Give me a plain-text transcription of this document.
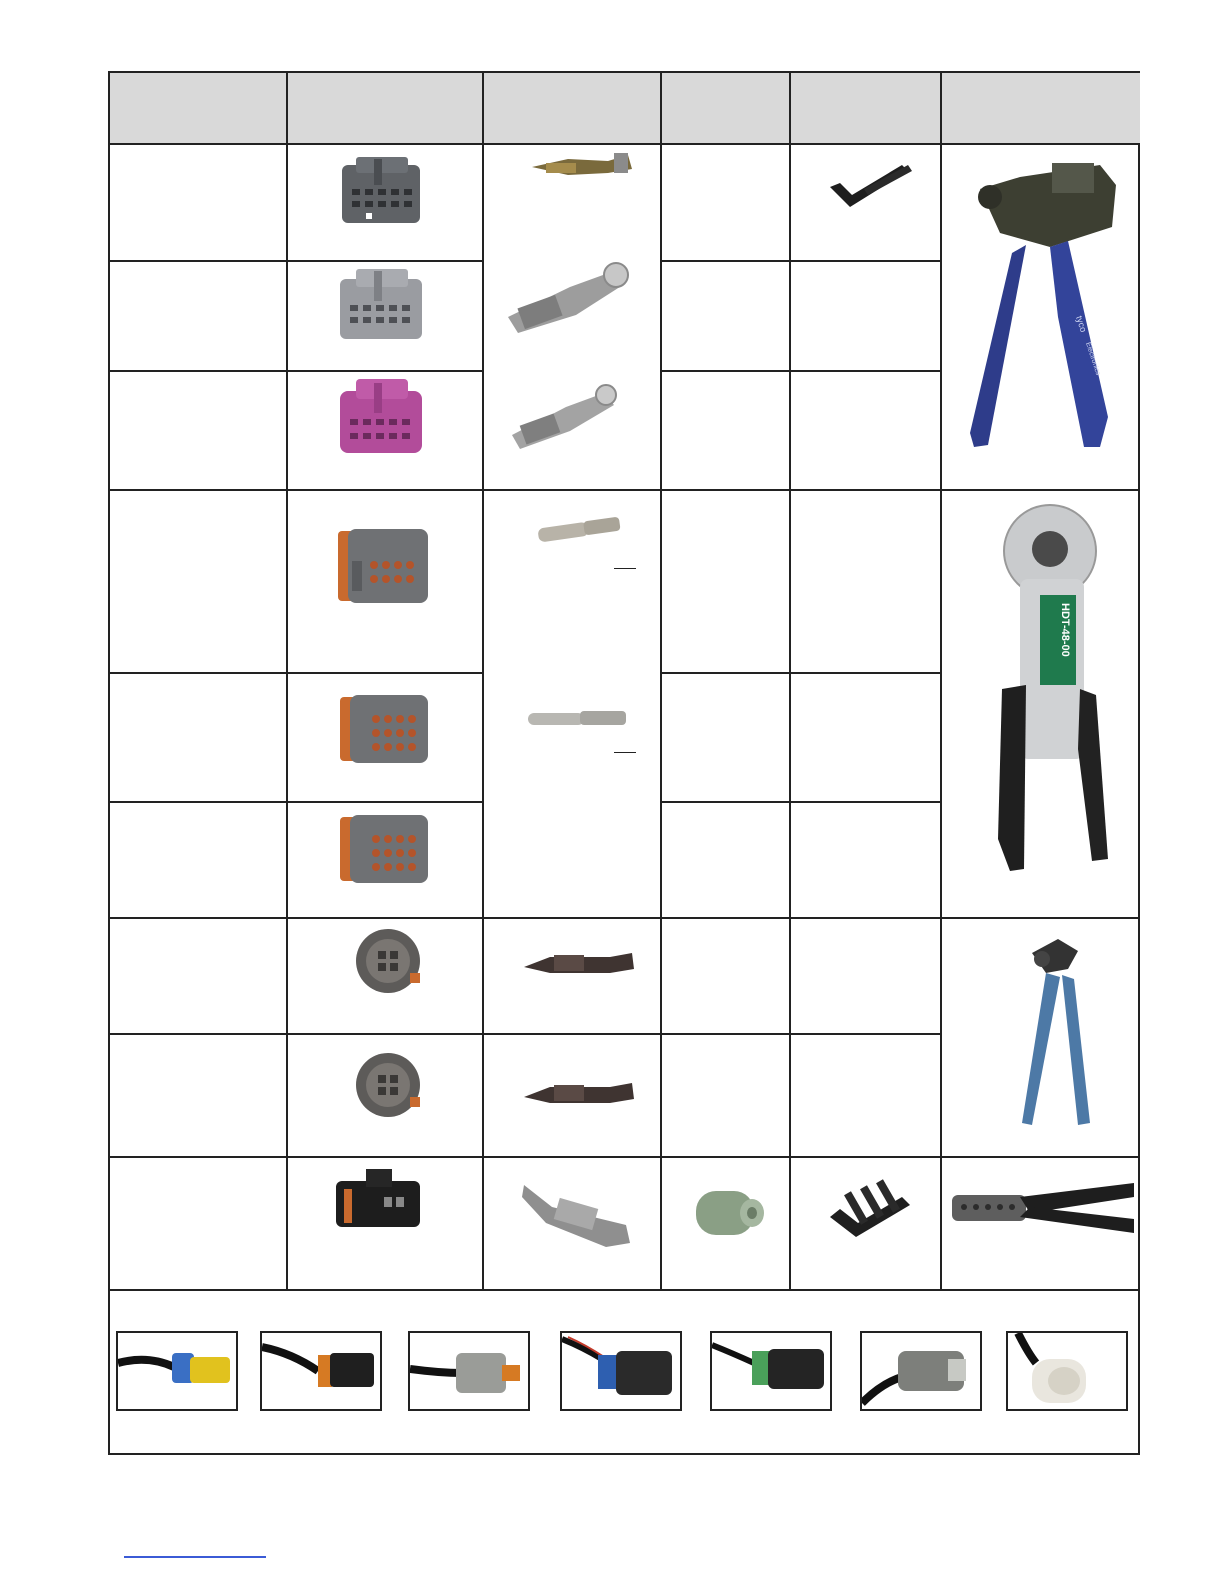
tyco
Electronics
HDT-48-00
